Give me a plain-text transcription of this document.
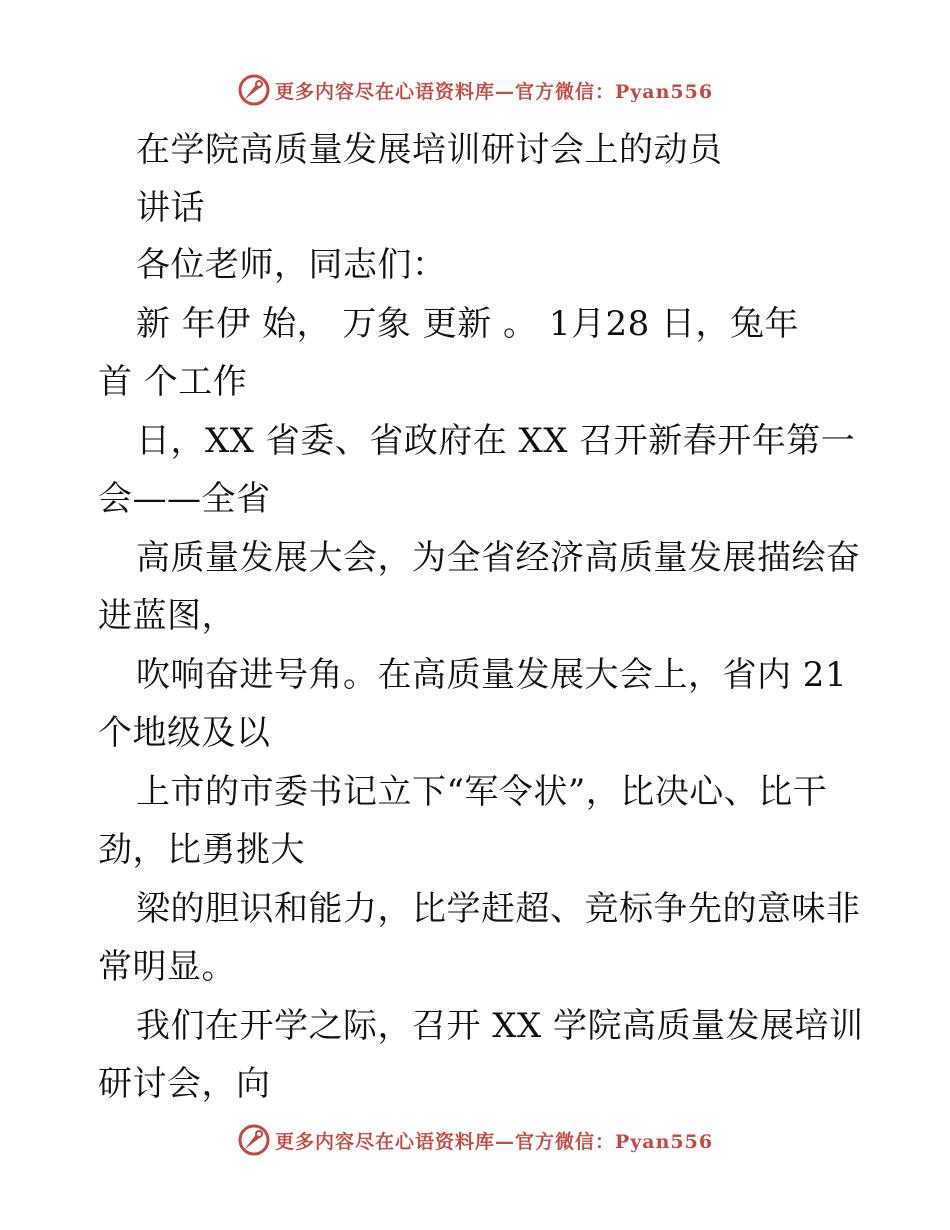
更多内容尽在心语资料库—官方微信：Pyan556
在学院高质量发展培训研讨会上的动员
讲话
各位老师，同志们：
新 年伊 始， 万象 更新 。 1月28 日，兔年
首 个工作
日，XX 省委、省政府在 XX 召开新春开年第一
会——全省
高质量发展大会，为全省经济高质量发展描绘奋
进蓝图，
吹响奋进号角。在高质量发展大会上，省内 21
个地级及以
上市的市委书记立下“军令状”，比决心、比干
劲，比勇挑大
梁的胆识和能力，比学赶超、竞标争先的意味非
常明显。
我们在开学之际，召开 XX 学院高质量发展培训
研讨会，向
更多内容尽在心语资料库—官方微信：Pyan556
